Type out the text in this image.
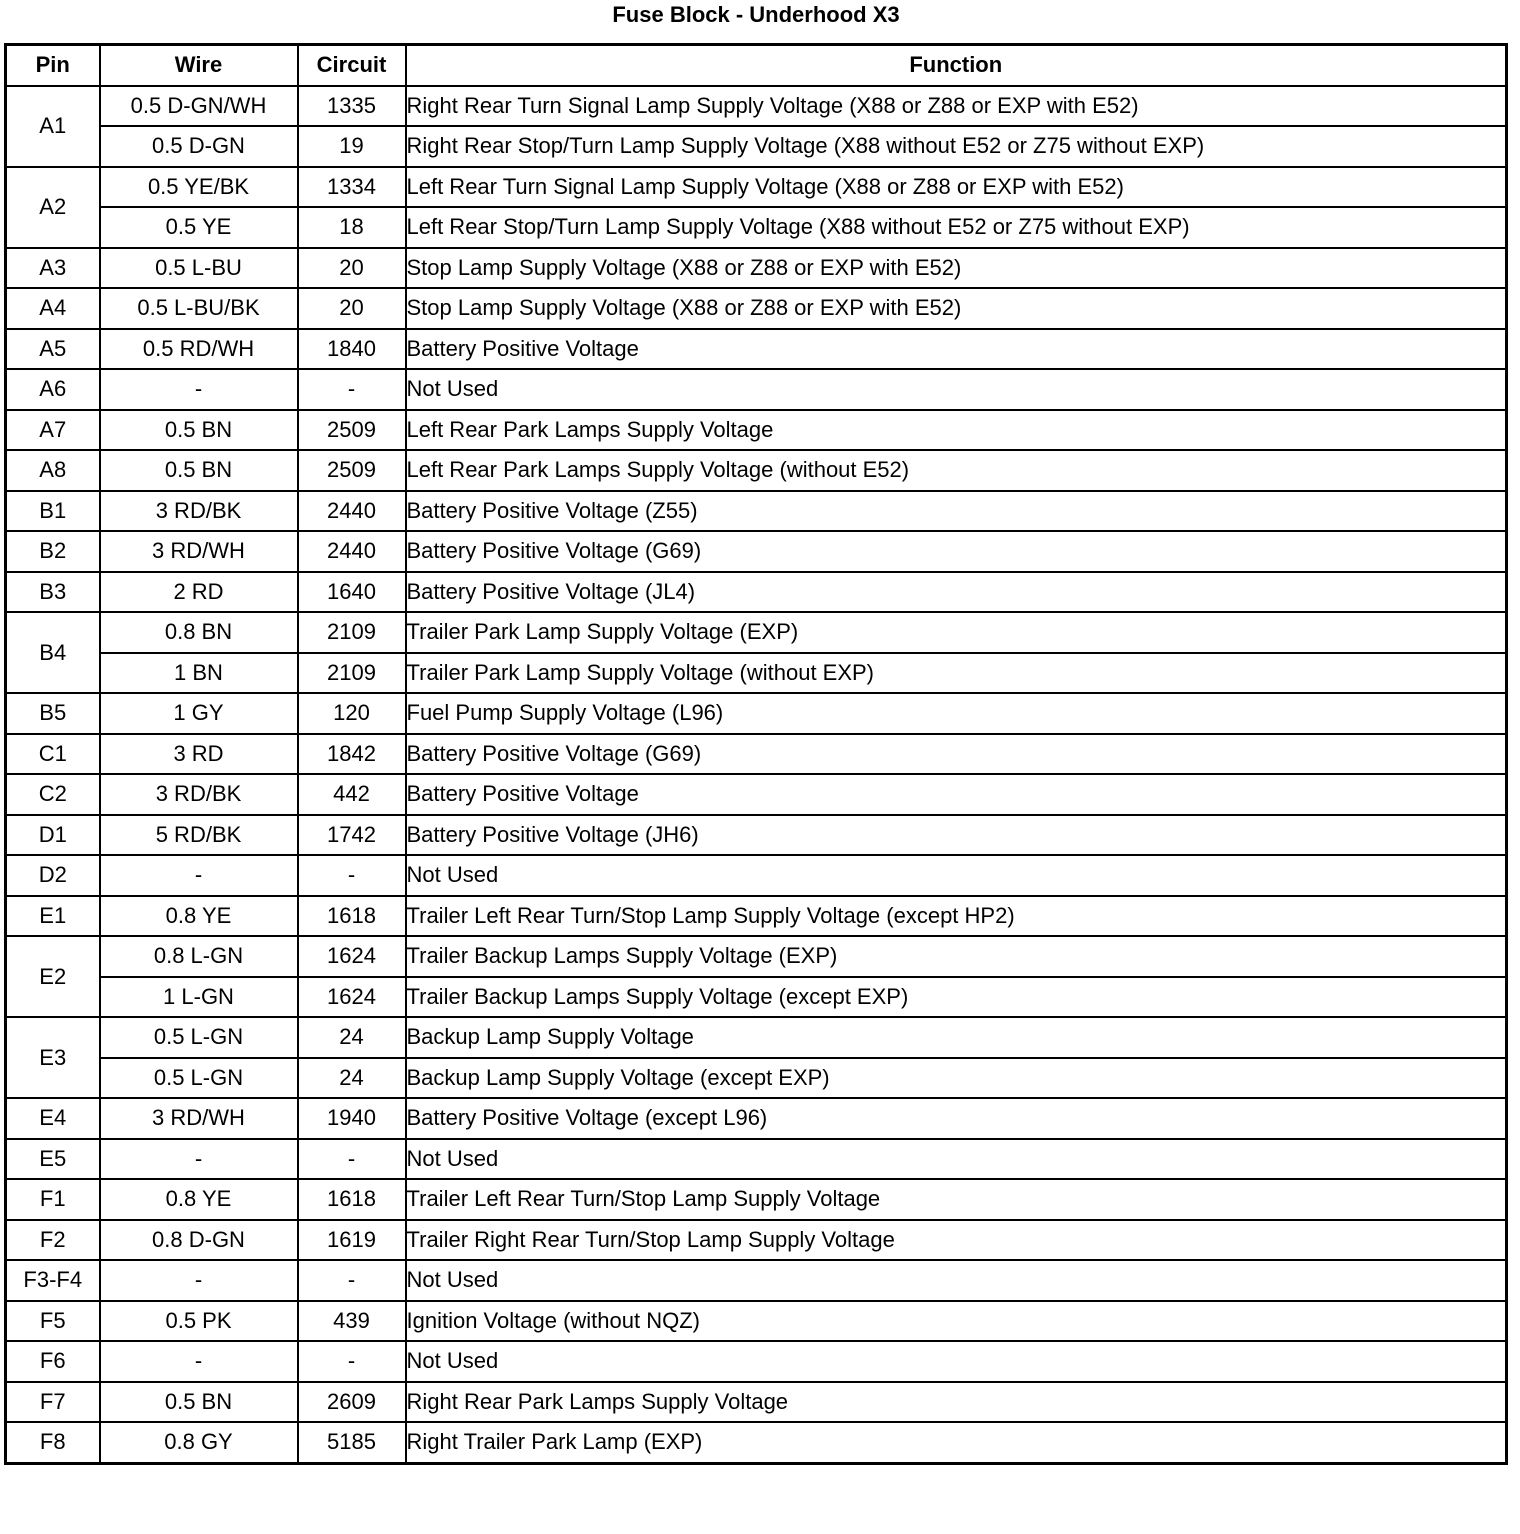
Fuse Block - Underhood X3
Pin	Wire	Circuit	Function
A1	0.5 D-GN/WH	1335	Right Rear Turn Signal Lamp Supply Voltage (X88 or Z88 or EXP with E52)
	0.5 D-GN	19	Right Rear Stop/Turn Lamp Supply Voltage (X88 without E52 or Z75 without EXP)
A2	0.5 YE/BK	1334	Left Rear Turn Signal Lamp Supply Voltage (X88 or Z88 or EXP with E52)
	0.5 YE	18	Left Rear Stop/Turn Lamp Supply Voltage (X88 without E52 or Z75 without EXP)
A3	0.5 L-BU	20	Stop Lamp Supply Voltage (X88 or Z88 or EXP with E52)
A4	0.5 L-BU/BK	20	Stop Lamp Supply Voltage (X88 or Z88 or EXP with E52)
A5	0.5 RD/WH	1840	Battery Positive Voltage
A6	-	-	Not Used
A7	0.5 BN	2509	Left Rear Park Lamps Supply Voltage
A8	0.5 BN	2509	Left Rear Park Lamps Supply Voltage (without E52)
B1	3 RD/BK	2440	Battery Positive Voltage (Z55)
B2	3 RD/WH	2440	Battery Positive Voltage (G69)
B3	2 RD	1640	Battery Positive Voltage (JL4)
B4	0.8 BN	2109	Trailer Park Lamp Supply Voltage (EXP)
	1 BN	2109	Trailer Park Lamp Supply Voltage (without EXP)
B5	1 GY	120	Fuel Pump Supply Voltage (L96)
C1	3 RD	1842	Battery Positive Voltage (G69)
C2	3 RD/BK	442	Battery Positive Voltage
D1	5 RD/BK	1742	Battery Positive Voltage (JH6)
D2	-	-	Not Used
E1	0.8 YE	1618	Trailer Left Rear Turn/Stop Lamp Supply Voltage (except HP2)
E2	0.8 L-GN	1624	Trailer Backup Lamps Supply Voltage (EXP)
	1 L-GN	1624	Trailer Backup Lamps Supply Voltage (except EXP)
E3	0.5 L-GN	24	Backup Lamp Supply Voltage
	0.5 L-GN	24	Backup Lamp Supply Voltage (except EXP)
E4	3 RD/WH	1940	Battery Positive Voltage (except L96)
E5	-	-	Not Used
F1	0.8 YE	1618	Trailer Left Rear Turn/Stop Lamp Supply Voltage
F2	0.8 D-GN	1619	Trailer Right Rear Turn/Stop Lamp Supply Voltage
F3-F4	-	-	Not Used
F5	0.5 PK	439	Ignition Voltage (without NQZ)
F6	-	-	Not Used
F7	0.5 BN	2609	Right Rear Park Lamps Supply Voltage
F8	0.8 GY	5185	Right Trailer Park Lamp (EXP)
